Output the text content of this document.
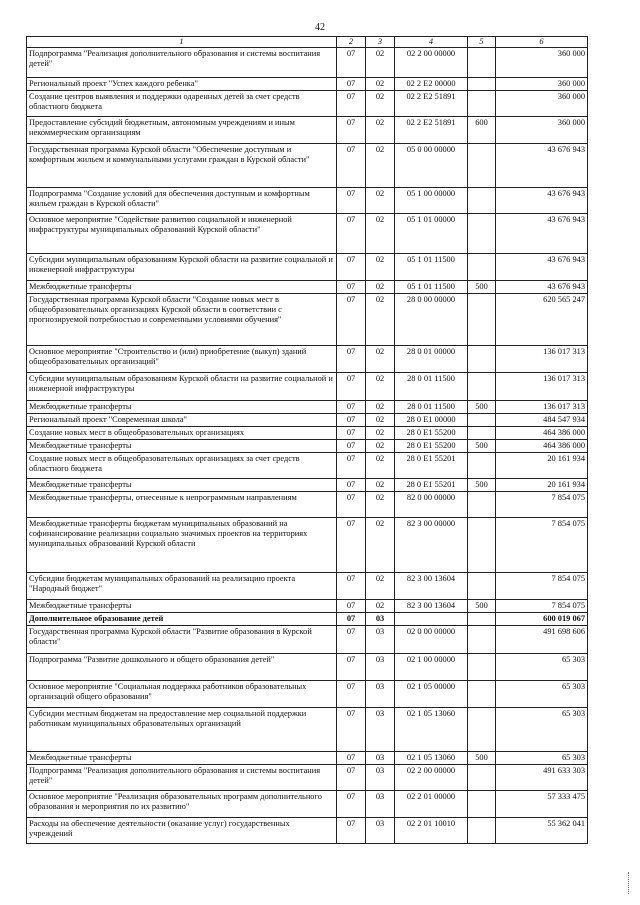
42
1	2	3	4	5	6
Подпрограмма "Реализация дополнительного образования и системы воспитания детей"	07	02	02 2 00 00000		360 000
Региональный проект "Успех каждого ребенка"	07	02	02 2 E2 00000		360 000
Создание центров выявления и поддержки одаренных детей за счет средств областного бюджета	07	02	02 2 E2 51891		360 000
Предоставление субсидий бюджетным, автономным учреждениям и иным некоммерческим организациям	07	02	02 2 E2 51891	600	360 000
Государственная программа Курской области "Обеспечение доступным и комфортным жильем и коммунальными услугами граждан в Курской области"	07	02	05 0 00 00000		43 676 943
Подпрограмма "Создание условий для обеспечения доступным и комфортным жильем граждан в Курской области"	07	02	05 1 00 00000		43 676 943
Основное мероприятие "Содействие развитию социальной и инженерной инфраструктуры муниципальных образований Курской области"	07	02	05 1 01 00000		43 676 943
Субсидии муниципальным образованиям Курской области на развитие социальной и инженерной инфраструктуры	07	02	05 1 01 11500		43 676 943
Межбюджетные трансферты	07	02	05 1 01 11500	500	43 676 943
Государственная программа Курской области "Создание новых мест в общеобразовательных организациях Курской области в соответствии с прогнозируемой потребностью и современными условиями обучения"	07	02	28 0 00 00000		620 565 247
Основное мероприятие "Строительство и (или) приобретение (выкуп) зданий общеобразовательных организаций"	07	02	28 0 01 00000		136 017 313
Субсидии муниципальным образованиям Курской области на развитие социальной и инженерной инфраструктуры	07	02	28 0 01 11500		136 017 313
Межбюджетные трансферты	07	02	28 0 01 11500	500	136 017 313
Региональный проект "Современная школа"	07	02	28 0 E1 00000		484 547 934
Создание новых мест в общеобразовательных организациях	07	02	28 0 E1 55200		464 386 000
Межбюджетные трансферты	07	02	28 0 E1 55200	500	464 386 000
Создание новых мест в общеобразовательных организациях за счет средств областного бюджета	07	02	28 0 E1 55201		20 161 934
Межбюджетные трансферты	07	02	28 0 E1 55201	500	20 161 934
Межбюджетные трансферты, отнесенные к непрограммным направлениям	07	02	82 0 00 00000		7 854 075
Межбюджетные трансферты бюджетам муниципальных образований на софинансирование реализации социально значимых проектов на территориях муниципальных образований Курской области	07	02	82 3 00 00000		7 854 075
Субсидии бюджетам муниципальных образований на реализацию проекта "Народный бюджет"	07	02	82 3 00 13604		7 854 075
Межбюджетные трансферты	07	02	82 3 00 13604	500	7 854 075
Дополнительное образование детей	07	03			600 019 067
Государственная программа Курской области "Развитие образования в Курской области"	07	03	02 0 00 00000		491 698 606
Подпрограмма "Развитие дошкольного и общего образования детей"	07	03	02 1 00 00000		65 303
Основное мероприятие "Социальная поддержка работников образовательных организаций общего образования"	07	03	02 1 05 00000		65 303
Субсидии местным бюджетам на предоставление мер социальной поддержки работникам муниципальных образовательных организаций	07	03	02 1 05 13060		65 303
Межбюджетные трансферты	07	03	02 1 05 13060	500	65 303
Подпрограмма "Реализация дополнительного образования и системы воспитания детей"	07	03	02 2 00 00000		491 633 303
Основное мероприятие "Реализация образовательных программ дополнительного образования и мероприятия по их развитию"	07	03	02 2 01 00000		57 333 475
Расходы на обеспечение деятельности (оказание услуг) государственных учреждений	07	03	02 2 01 10010		55 362 041
